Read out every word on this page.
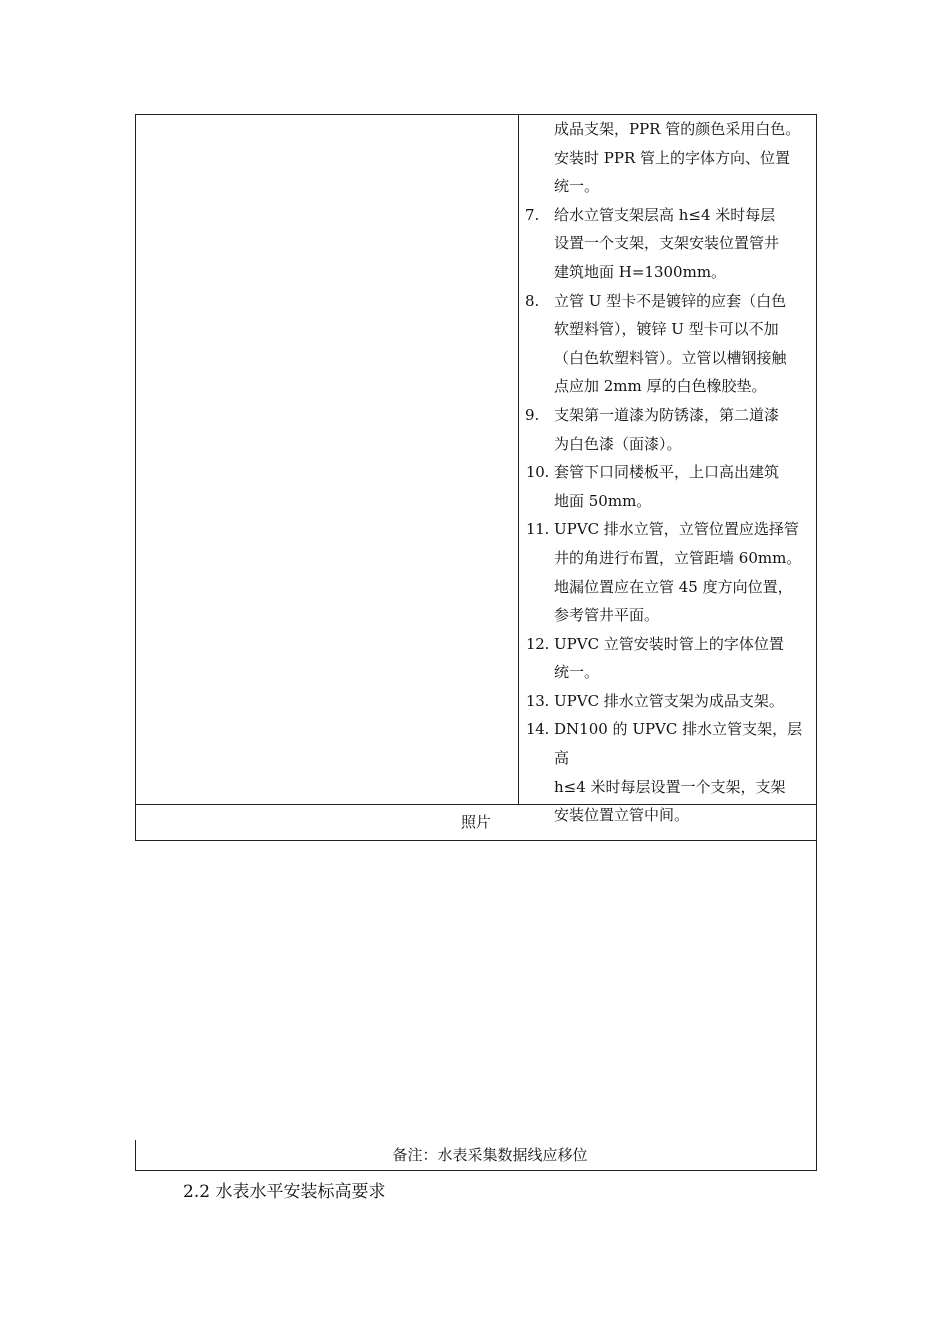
成品支架，PPR 管的颜色采用白色。
安装时 PPR 管上的字体方向、位置
统一。
7. 给水立管支架层高 h≤4 米时每层
设置一个支架，支架安装位置管井
建筑地面 H=1300mm。
8. 立管 U 型卡不是镀锌的应套（白色
软塑料管），镀锌 U 型卡可以不加
（白色软塑料管）。立管以槽钢接触
点应加 2mm 厚的白色橡胶垫。
9. 支架第一道漆为防锈漆，第二道漆
为白色漆（面漆）。
10. 套管下口同楼板平，上口高出建筑
地面 50mm。
11. UPVC 排水立管，立管位置应选择管
井的角进行布置，立管距墙 60mm。
地漏位置应在立管 45 度方向位置，
参考管井平面。
12. UPVC 立管安装时管上的字体位置
统一。
13. UPVC 排水立管支架为成品支架。
14. DN100 的 UPVC 排水立管支架，层高
h≤4 米时每层设置一个支架，支架
安装位置立管中间。
照片
备注：水表采集数据线应移位
2.2 水表水平安装标高要求
